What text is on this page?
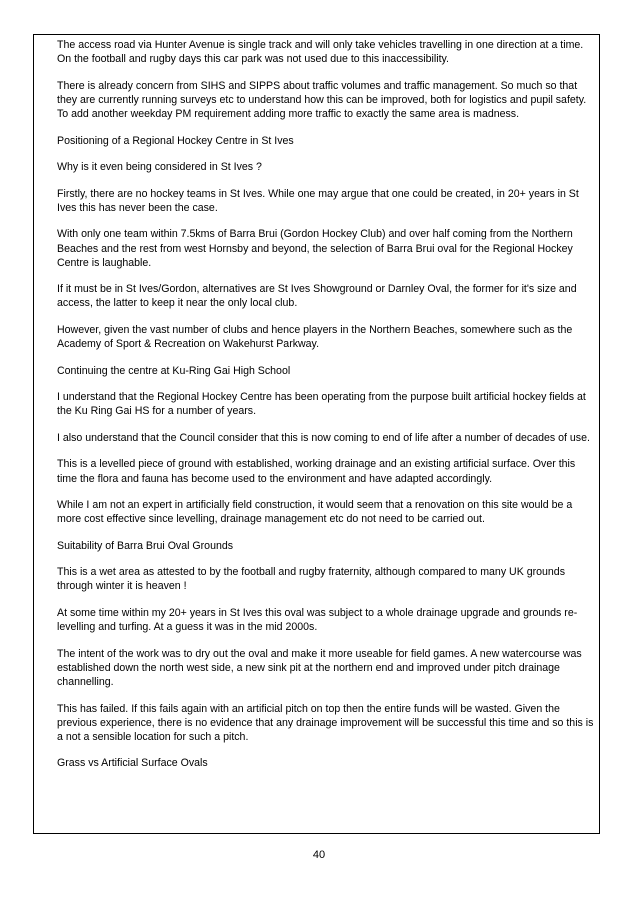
The access road via Hunter Avenue is single track and will only take vehicles travelling in one direction at a time. On the football and rugby days this car park was not used due to this inaccessibility.

There is already concern from SIHS and SIPPS about traffic volumes and traffic management. So much so that they are currently running surveys etc to understand how this can be improved, both for logistics and pupil safety. To add another weekday PM requirement adding more traffic to exactly the same area is madness.

Positioning of a Regional Hockey Centre in St Ives

Why is it even being considered in St Ives ?

Firstly, there are no hockey teams in St Ives. While one may argue that one could be created, in 20+ years in St Ives this has never been the case.

With only one team within 7.5kms of Barra Brui (Gordon Hockey Club) and over half coming from the Northern Beaches and the rest from west Hornsby and beyond, the selection of Barra Brui oval for the Regional Hockey Centre is laughable.

If it must be in St Ives/Gordon, alternatives are St Ives Showground or Darnley Oval, the former for it's size and access, the latter to keep it near the only local club.

However, given the vast number of clubs and hence players in the Northern Beaches, somewhere such as the Academy of Sport & Recreation on Wakehurst Parkway.

Continuing the centre at Ku-Ring Gai High School

I understand that the Regional Hockey Centre has been operating from the purpose built artificial hockey fields at the Ku Ring Gai HS for a number of years.

I also understand that the Council consider that this is now coming to end of life after a number of decades of use.

This is a levelled piece of ground with established, working drainage and an existing artificial surface. Over this time the flora and fauna has become used to the environment and have adapted accordingly.

While I am not an expert in artificially field construction, it would seem that a renovation on this site would be a more cost effective since levelling, drainage management etc do not need to be carried out.

Suitability of Barra Brui Oval Grounds

This is a wet area as attested to by the football and rugby fraternity, although compared to many UK grounds through winter it is heaven !

At some time within my 20+ years in St Ives this oval was subject to a whole drainage upgrade and grounds re-levelling and turfing. At a guess it was in the mid 2000s.

The intent of the work was to dry out the oval and make it more useable for field games. A new watercourse was established down the north west side, a new sink pit at the northern end and improved under pitch drainage channelling.

This has failed. If this fails again with an artificial pitch on top then the entire funds will be wasted. Given the previous experience, there is no evidence that any drainage improvement will be successful this time and so this is a not a sensible location for such a pitch.

Grass vs Artificial Surface Ovals

40
